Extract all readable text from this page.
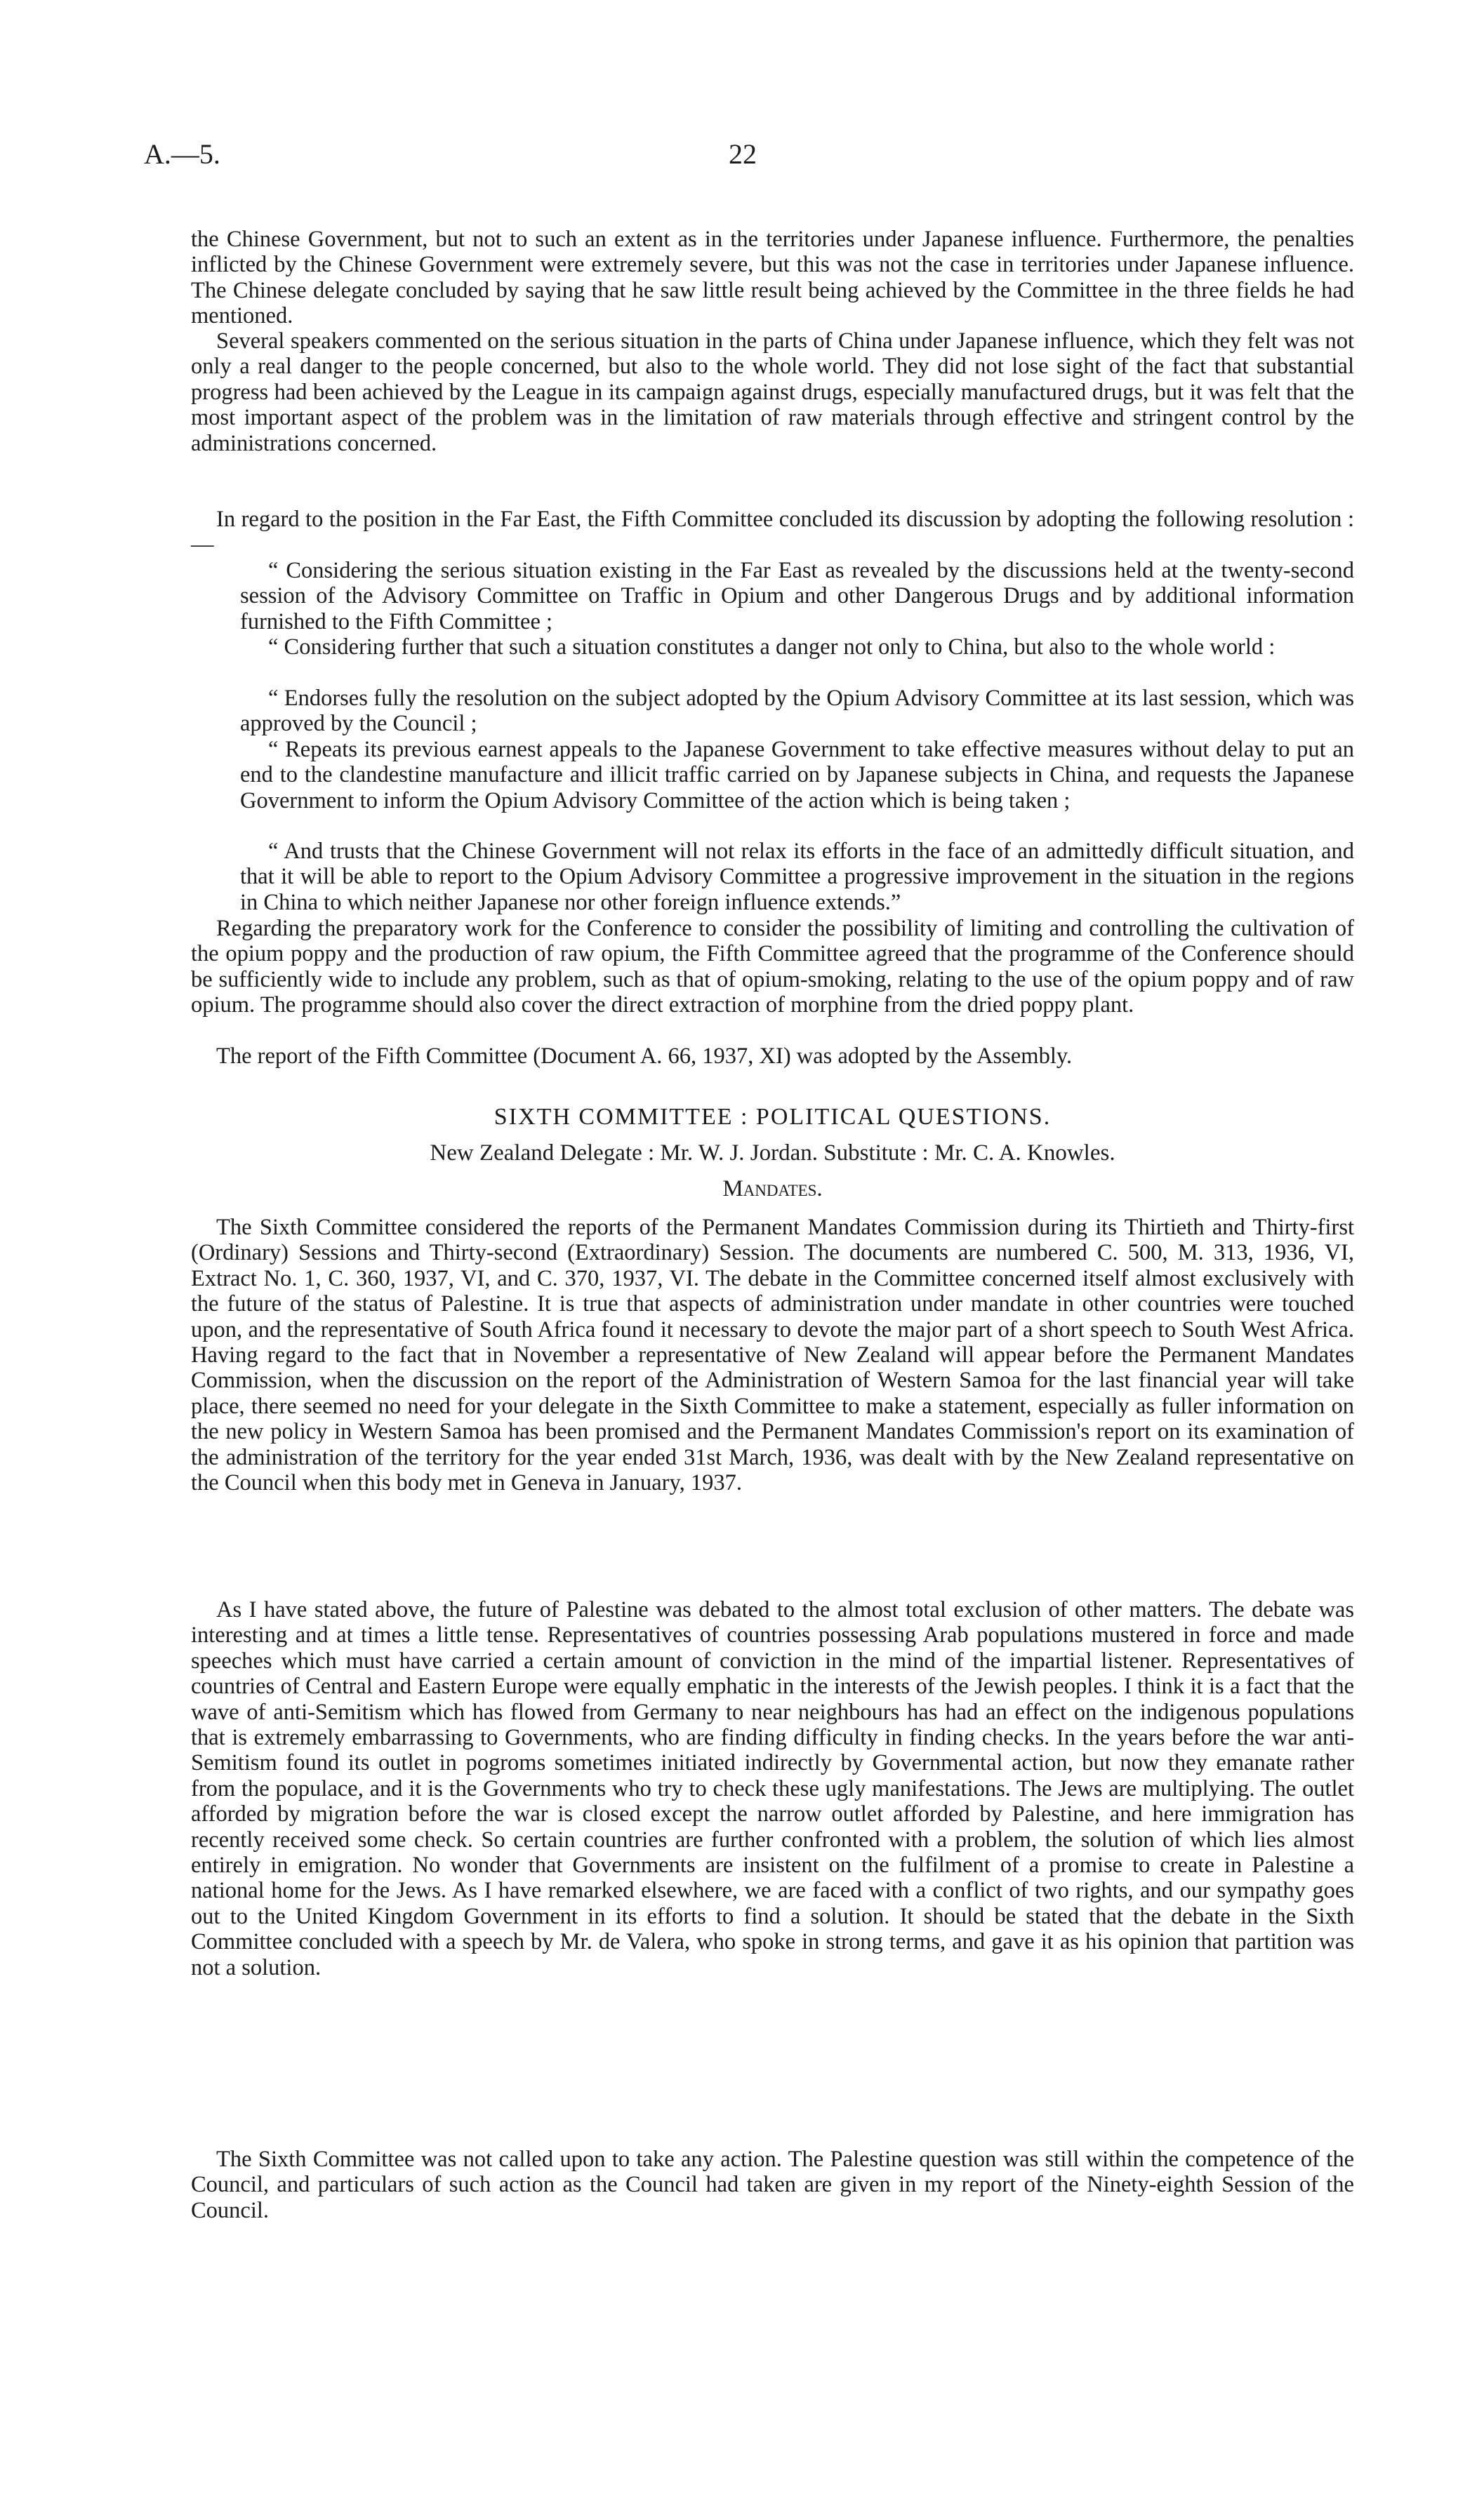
A.—5.	22

the Chinese Government, but not to such an extent as in the territories under Japanese influence. Furthermore, the penalties inflicted by the Chinese Government were extremely severe, but this was not the case in territories under Japanese influence. The Chinese delegate concluded by saying that he saw little result being achieved by the Committee in the three fields he had mentioned.

Several speakers commented on the serious situation in the parts of China under Japanese influence, which they felt was not only a real danger to the people concerned, but also to the whole world. They did not lose sight of the fact that substantial progress had been achieved by the League in its campaign against drugs, especially manufactured drugs, but it was felt that the most important aspect of the problem was in the limitation of raw materials through effective and stringent control by the administrations concerned.

In regard to the position in the Far East, the Fifth Committee concluded its discussion by adopting the following resolution :—

“ Considering the serious situation existing in the Far East as revealed by the discussions held at the twenty-second session of the Advisory Committee on Traffic in Opium and other Dangerous Drugs and by additional information furnished to the Fifth Committee ;

“ Considering further that such a situation constitutes a danger not only to China, but also to the whole world :

“ Endorses fully the resolution on the subject adopted by the Opium Advisory Committee at its last session, which was approved by the Council ;

“ Repeats its previous earnest appeals to the Japanese Government to take effective measures without delay to put an end to the clandestine manufacture and illicit traffic carried on by Japanese subjects in China, and requests the Japanese Government to inform the Opium Advisory Committee of the action which is being taken ;

“ And trusts that the Chinese Government will not relax its efforts in the face of an admittedly difficult situation, and that it will be able to report to the Opium Advisory Committee a progressive improvement in the situation in the regions in China to which neither Japanese nor other foreign influence extends.”

Regarding the preparatory work for the Conference to consider the possibility of limiting and controlling the cultivation of the opium poppy and the production of raw opium, the Fifth Committee agreed that the programme of the Conference should be sufficiently wide to include any problem, such as that of opium-smoking, relating to the use of the opium poppy and of raw opium. The programme should also cover the direct extraction of morphine from the dried poppy plant.

The report of the Fifth Committee (Document A. 66, 1937, XI) was adopted by the Assembly.

SIXTH COMMITTEE : POLITICAL QUESTIONS.
New Zealand Delegate : Mr. W. J. Jordan. Substitute : Mr. C. A. Knowles.
Mandates.

The Sixth Committee considered the reports of the Permanent Mandates Commission during its Thirtieth and Thirty-first (Ordinary) Sessions and Thirty-second (Extraordinary) Session. The documents are numbered C. 500, M. 313, 1936, VI, Extract No. 1, C. 360, 1937, VI, and C. 370, 1937, VI. The debate in the Committee concerned itself almost exclusively with the future of the status of Palestine. It is true that aspects of administration under mandate in other countries were touched upon, and the representative of South Africa found it necessary to devote the major part of a short speech to South West Africa. Having regard to the fact that in November a representative of New Zealand will appear before the Permanent Mandates Commission, when the discussion on the report of the Administration of Western Samoa for the last financial year will take place, there seemed no need for your delegate in the Sixth Committee to make a statement, especially as fuller information on the new policy in Western Samoa has been promised and the Permanent Mandates Commission's report on its examination of the administration of the territory for the year ended 31st March, 1936, was dealt with by the New Zealand representative on the Council when this body met in Geneva in January, 1937.

As I have stated above, the future of Palestine was debated to the almost total exclusion of other matters. The debate was interesting and at times a little tense. Representatives of countries possessing Arab populations mustered in force and made speeches which must have carried a certain amount of conviction in the mind of the impartial listener. Representatives of countries of Central and Eastern Europe were equally emphatic in the interests of the Jewish peoples. I think it is a fact that the wave of anti-Semitism which has flowed from Germany to near neighbours has had an effect on the indigenous populations that is extremely embarrassing to Governments, who are finding difficulty in finding checks. In the years before the war anti-Semitism found its outlet in pogroms sometimes initiated indirectly by Governmental action, but now they emanate rather from the populace, and it is the Governments who try to check these ugly manifestations. The Jews are multiplying. The outlet afforded by migration before the war is closed except the narrow outlet afforded by Palestine, and here immigration has recently received some check. So certain countries are further confronted with a problem, the solution of which lies almost entirely in emigration. No wonder that Governments are insistent on the fulfilment of a promise to create in Palestine a national home for the Jews. As I have remarked elsewhere, we are faced with a conflict of two rights, and our sympathy goes out to the United Kingdom Government in its efforts to find a solution. It should be stated that the debate in the Sixth Committee concluded with a speech by Mr. de Valera, who spoke in strong terms, and gave it as his opinion that partition was not a solution.

The Sixth Committee was not called upon to take any action. The Palestine question was still within the competence of the Council, and particulars of such action as the Council had taken are given in my report of the Ninety-eighth Session of the Council.
